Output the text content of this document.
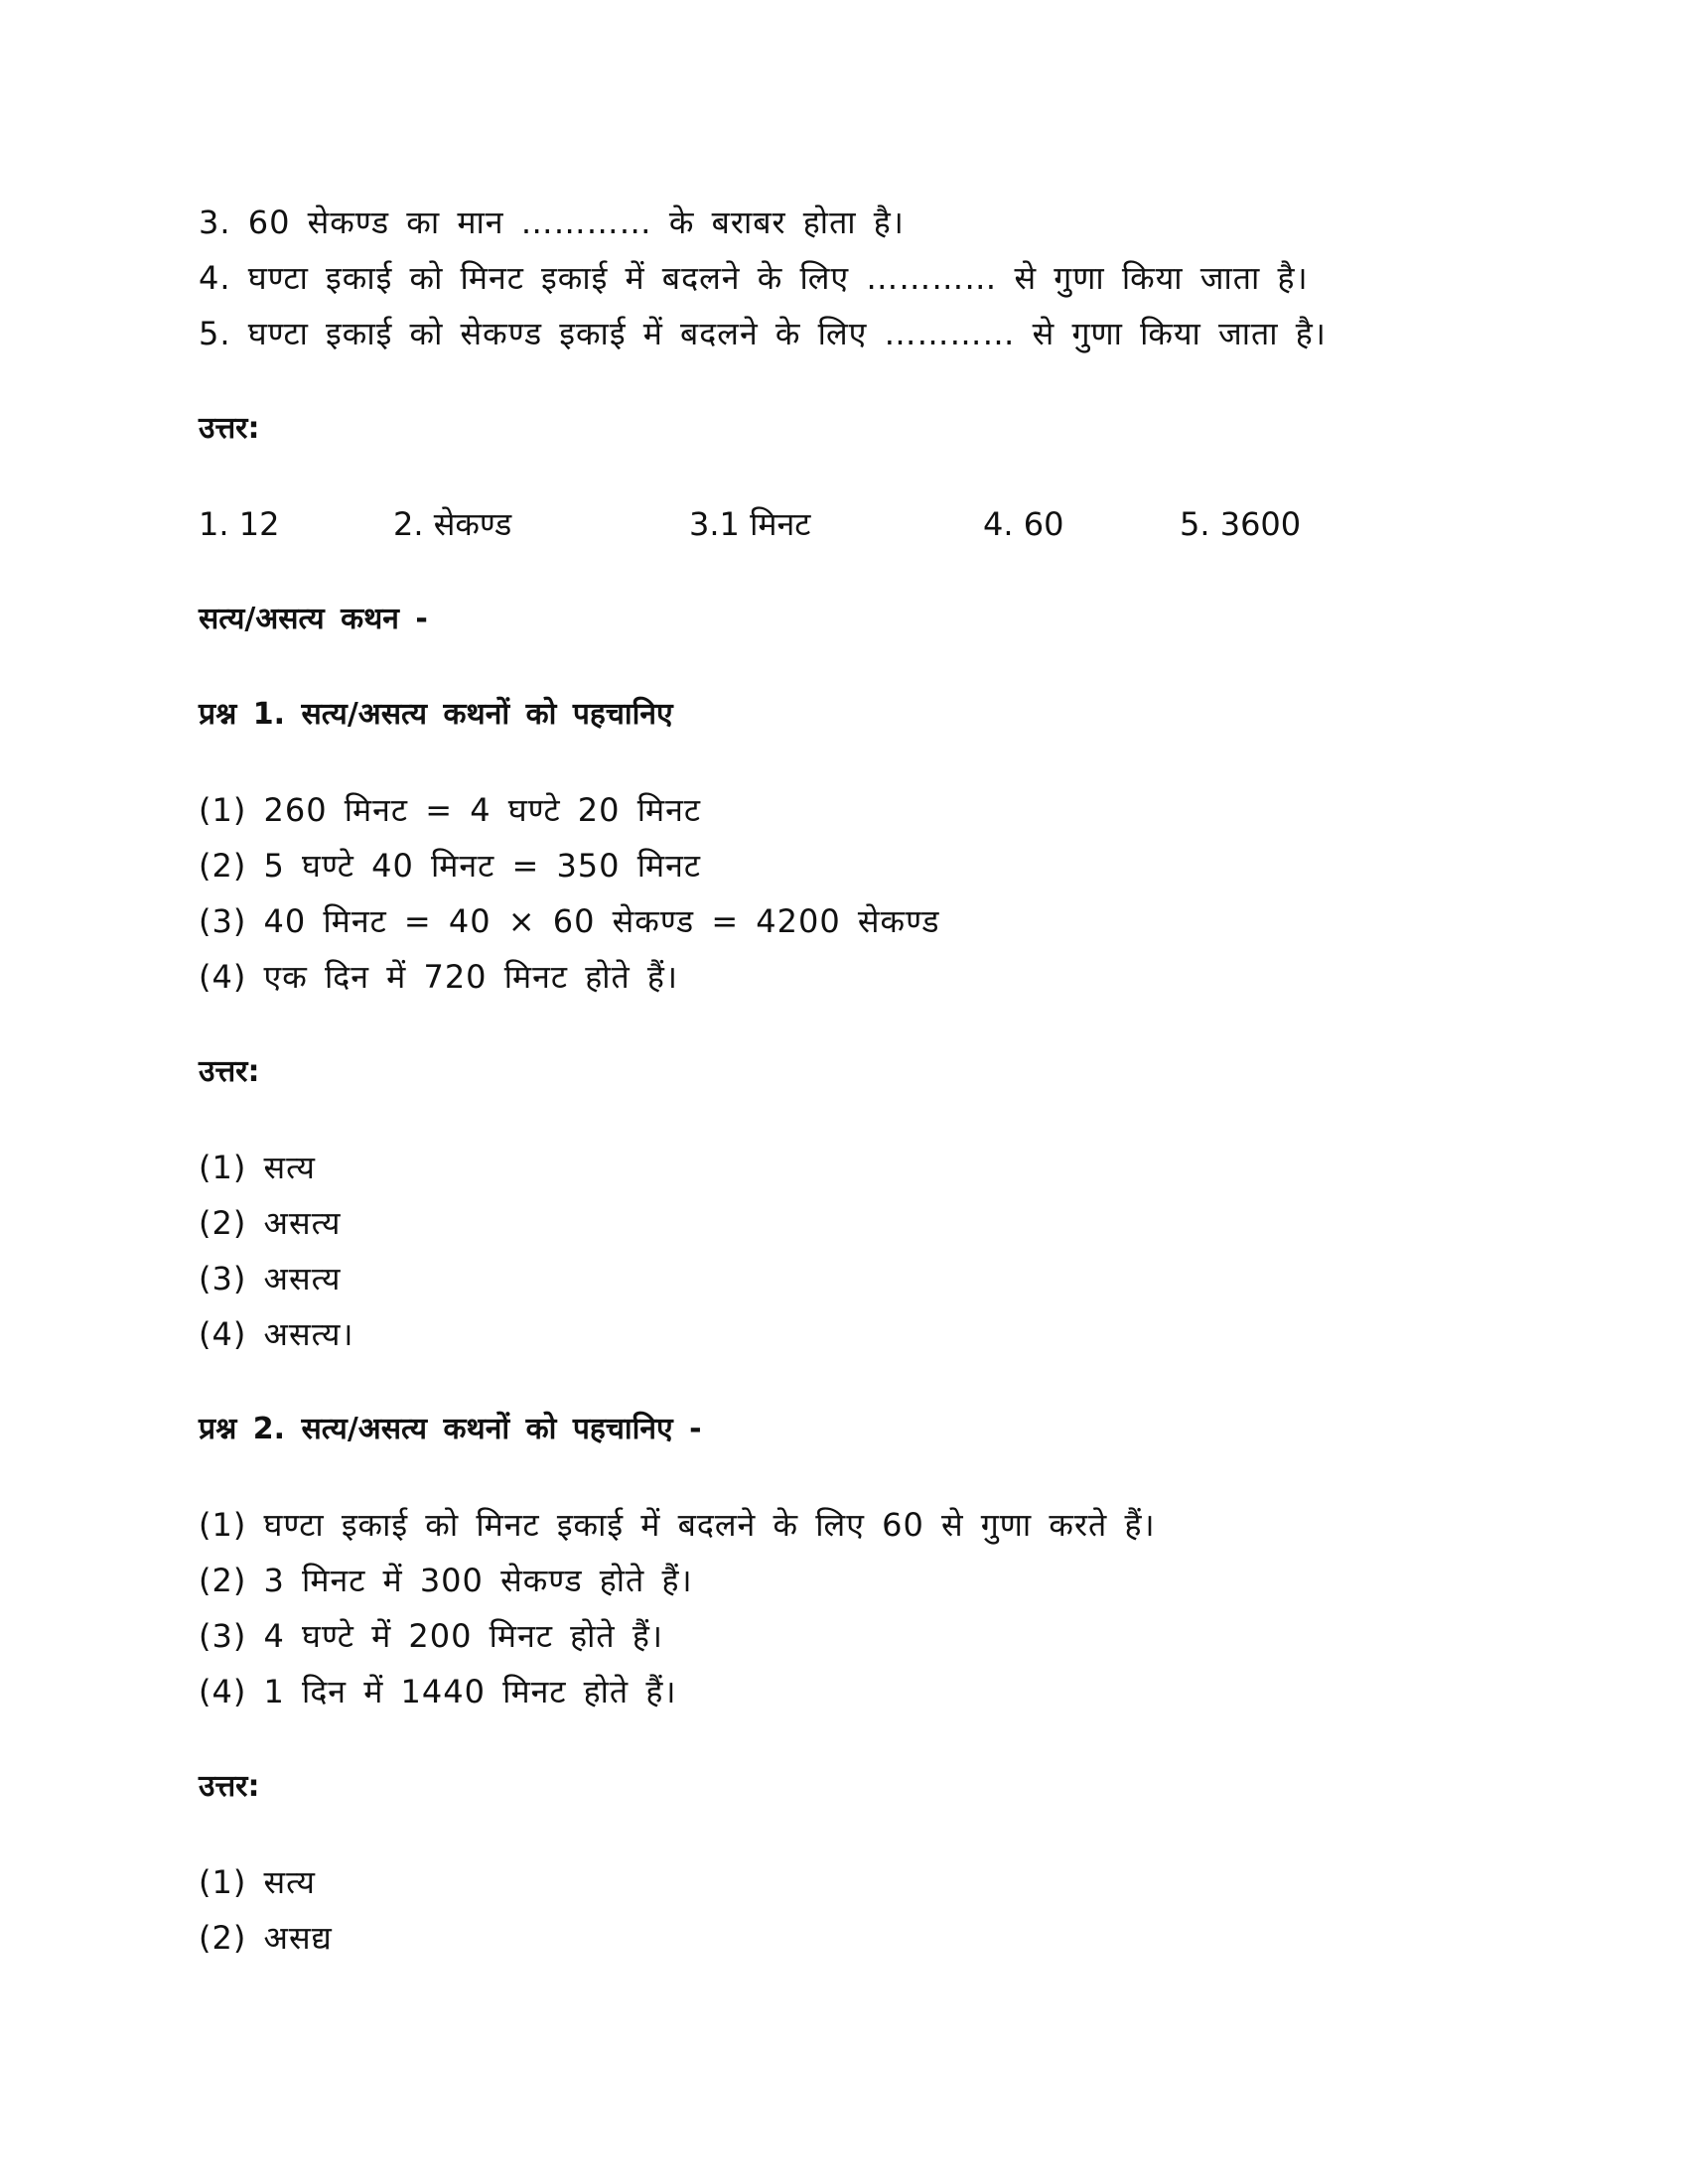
3. 60 सेकण्ड का मान ………… के बराबर होता है।
4. घण्टा इकाई को मिनट इकाई में बदलने के लिए ………… से गुणा किया जाता है।
5. घण्टा इकाई को सेकण्ड इकाई में बदलने के लिए ………… से गुणा किया जाता है।
उत्तर:
1. 12	2. सेकण्ड	3.1 मिनट	4. 60	5. 3600
सत्य/असत्य कथन -
प्रश्न 1. सत्य/असत्य कथनों को पहचानिए
(1) 260 मिनट = 4 घण्टे 20 मिनट
(2) 5 घण्टे 40 मिनट = 350 मिनट
(3) 40 मिनट = 40 × 60 सेकण्ड = 4200 सेकण्ड
(4) एक दिन में 720 मिनट होते हैं।
उत्तर:
(1) सत्य
(2) असत्य
(3) असत्य
(4) असत्य।
प्रश्न 2. सत्य/असत्य कथनों को पहचानिए -
(1) घण्टा इकाई को मिनट इकाई में बदलने के लिए 60 से गुणा करते हैं।
(2) 3 मिनट में 300 सेकण्ड होते हैं।
(3) 4 घण्टे में 200 मिनट होते हैं।
(4) 1 दिन में 1440 मिनट होते हैं।
उत्तर:
(1) सत्य
(2) असद्य
